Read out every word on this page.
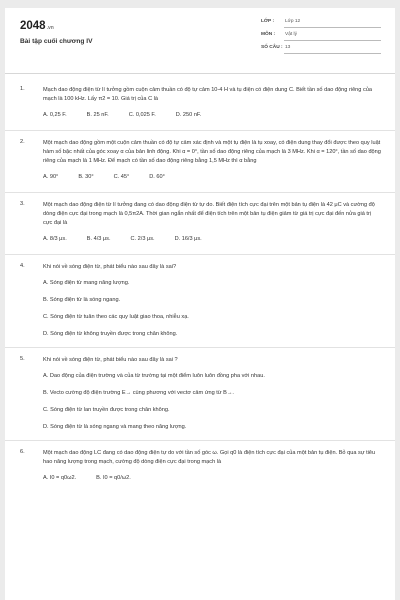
2048.vn
Bài tập cuối chương IV
LỚP : Lớp 12
MÔN : Vật lý
SỐ CÂU : 13
1.	Mạch dao động điện từ lí tưởng gồm cuộn cảm thuần có độ tự cảm 10-4 H và tụ điện có điện dung C. Biết tần số dao động riêng của mạch là 100 kHz. Lấy π2 = 10. Giá trị của C là

A. 0,25 F.	B. 25 nF.	C. 0,025 F.	D. 250 nF.
2.	Một mạch dao động gồm một cuộn cảm thuần có độ tự cảm xác định và một tụ điện là tụ xoay, có điện dung thay đổi được theo quy luật hàm số bậc nhất của góc xoay α của bản linh động. Khi α = 0°, tần số dao động riêng của mạch là 3 MHz. Khi α = 120°, tần số dao động riêng của mạch là 1 MHz. Để mạch có tần số dao động riêng bằng 1,5 MHz thì α bằng

A. 90°	B. 30°	C. 45°	D. 60°
3.	Một mạch dao động điện từ lí tưởng đang có dao động điện từ tự do. Biết điện tích cực đại trên một bản tụ điện là 42 μC và cường độ dòng điện cực đại trong mạch là 0,5π2A. Thời gian ngắn nhất để điện tích trên một bản tụ điện giảm từ giá trị cực đại đến nửa giá trị cực đại là

A. 8/3 μs.	B. 4/3 μs.	C. 2/3 μs.	D. 16/3 μs.
4.	Khi nói về sóng điện từ, phát biểu nào sau đây là sai?

A. Sóng điện từ mang năng lượng.
B. Sóng điện từ là sóng ngang.
C. Sóng điện từ tuân theo các quy luật giao thoa, nhiễu xạ.
D. Sóng điện từ không truyền được trong chân không.
5.	Khi nói về sóng điện từ, phát biểu nào sau đây là sai ?

A. Dao động của điện trường và của từ trường tại một điểm luôn luôn đồng pha với nhau.
B. Vecto cường độ điện trường E→ cùng phương với vectơ cảm ứng từ B→.
C. Sóng điện từ lan truyền được trong chân không.
D. Sóng điện từ là sóng ngang và mang theo năng lượng.
6.	Một mạch dao động LC đang có dao động điện tự do với tần số góc ω. Gọi q0 là điện tích cực đại của một bản tụ điện. Bỏ qua sự tiêu hao năng lượng trong mạch, cường độ dòng điện cực đại trong mạch là

A. I0 = q0ω2.	B. I0 = q0/ω2.
